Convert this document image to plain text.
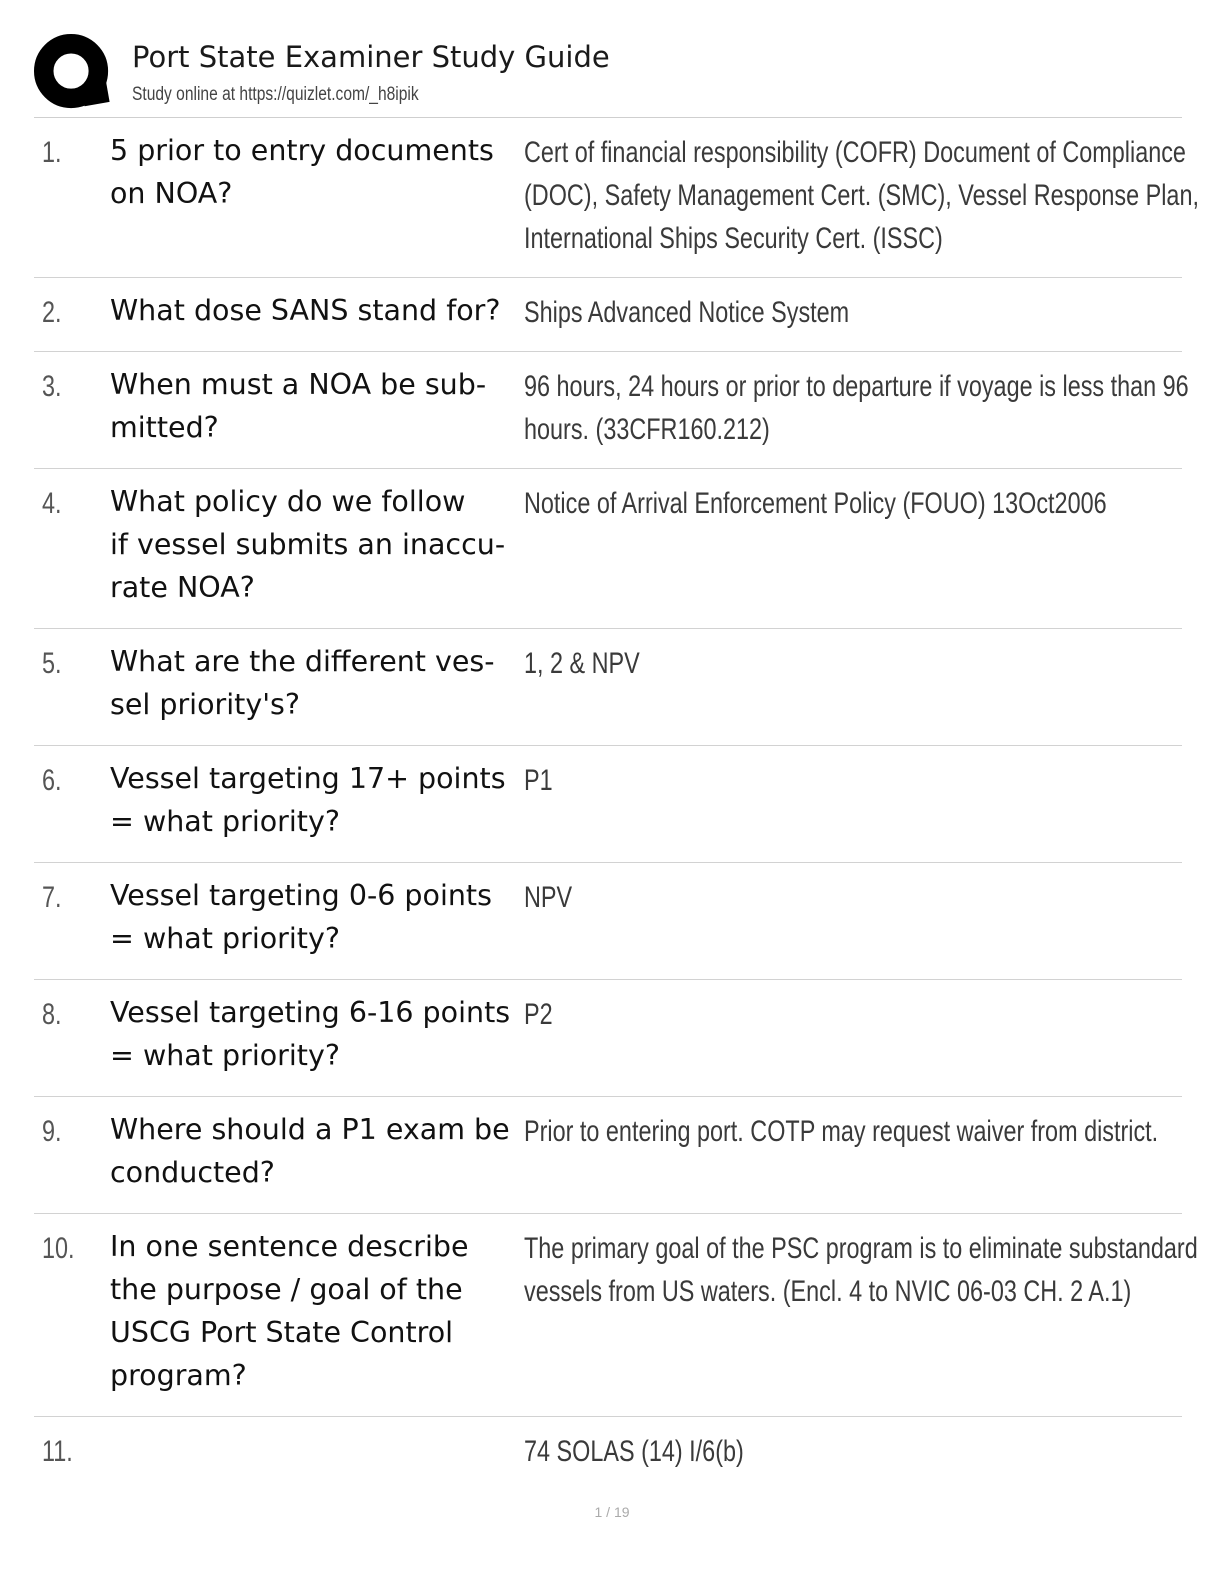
Port State Examiner Study Guide
Study online at https://quizlet.com/_h8ipik
1. 5 prior to entry documents
on NOA?
Cert of financial responsibility (COFR) Document of Compliance
(DOC), Safety Management Cert. (SMC), Vessel Response Plan,
International Ships Security Cert. (ISSC)
2. What dose SANS stand for? Ships Advanced Notice System
3. When must a NOA be sub-
mitted?
96 hours, 24 hours or prior to departure if voyage is less than 96
hours. (33CFR160.212)
4. What policy do we follow
if vessel submits an inaccu-
rate NOA?
Notice of Arrival Enforcement Policy (FOUO) 13Oct2006
5. What are the different ves-
sel priority's?
1, 2 & NPV
6. Vessel targeting 17+ points
= what priority?
P1
7. Vessel targeting 0-6 points
= what priority?
NPV
8. Vessel targeting 6-16 points
= what priority?
P2
9. Where should a P1 exam be
conducted?
Prior to entering port. COTP may request waiver from district.
10. In one sentence describe
the purpose / goal of the
USCG Port State Control
program?
The primary goal of the PSC program is to eliminate substandard
vessels from US waters. (Encl. 4 to NVIC 06-03 CH. 2 A.1)
11.	74 SOLAS (14) I/6(b)
1 / 19
